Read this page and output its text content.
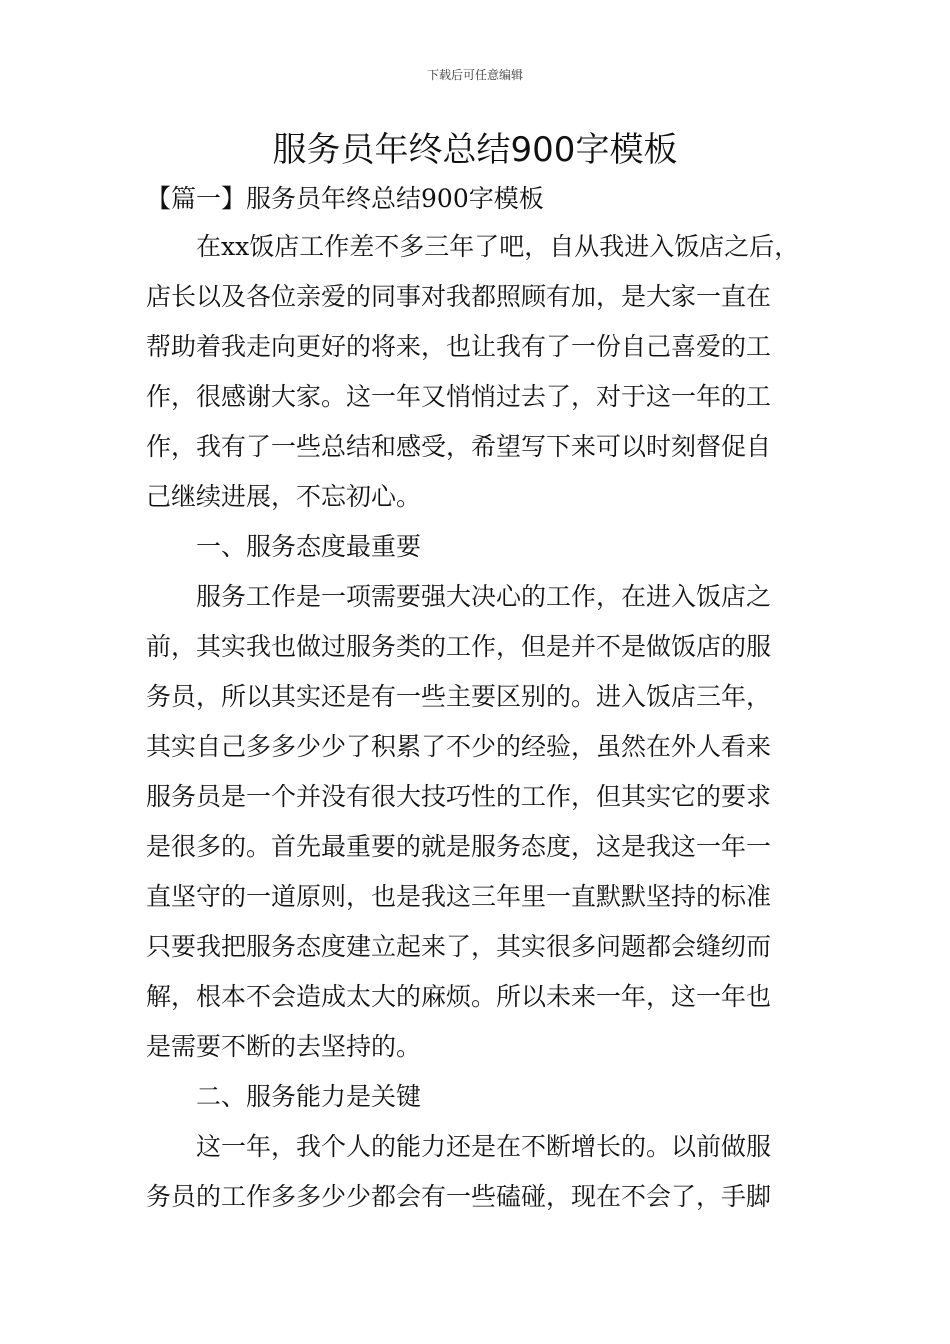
下载后可任意编辑
服务员年终总结900字模板
【篇一】服务员年终总结900字模板
　　在xx饭店工作差不多三年了吧，自从我进入饭店之后，
店长以及各位亲爱的同事对我都照顾有加，是大家一直在
帮助着我走向更好的将来，也让我有了一份自己喜爱的工
作，很感谢大家。这一年又悄悄过去了，对于这一年的工
作，我有了一些总结和感受，希望写下来可以时刻督促自
己继续进展，不忘初心。
一、服务态度最重要
　　服务工作是一项需要强大决心的工作，在进入饭店之
前，其实我也做过服务类的工作，但是并不是做饭店的服
务员，所以其实还是有一些主要区别的。进入饭店三年，
其实自己多多少少了积累了不少的经验，虽然在外人看来
服务员是一个并没有很大技巧性的工作，但其实它的要求
是很多的。首先最重要的就是服务态度，这是我这一年一
直坚守的一道原则，也是我这三年里一直默默坚持的标准
只要我把服务态度建立起来了，其实很多问题都会缝纫而
解，根本不会造成太大的麻烦。所以未来一年，这一年也
是需要不断的去坚持的。
二、服务能力是关键
　　这一年，我个人的能力还是在不断增长的。以前做服
务员的工作多多少少都会有一些磕碰，现在不会了，手脚
